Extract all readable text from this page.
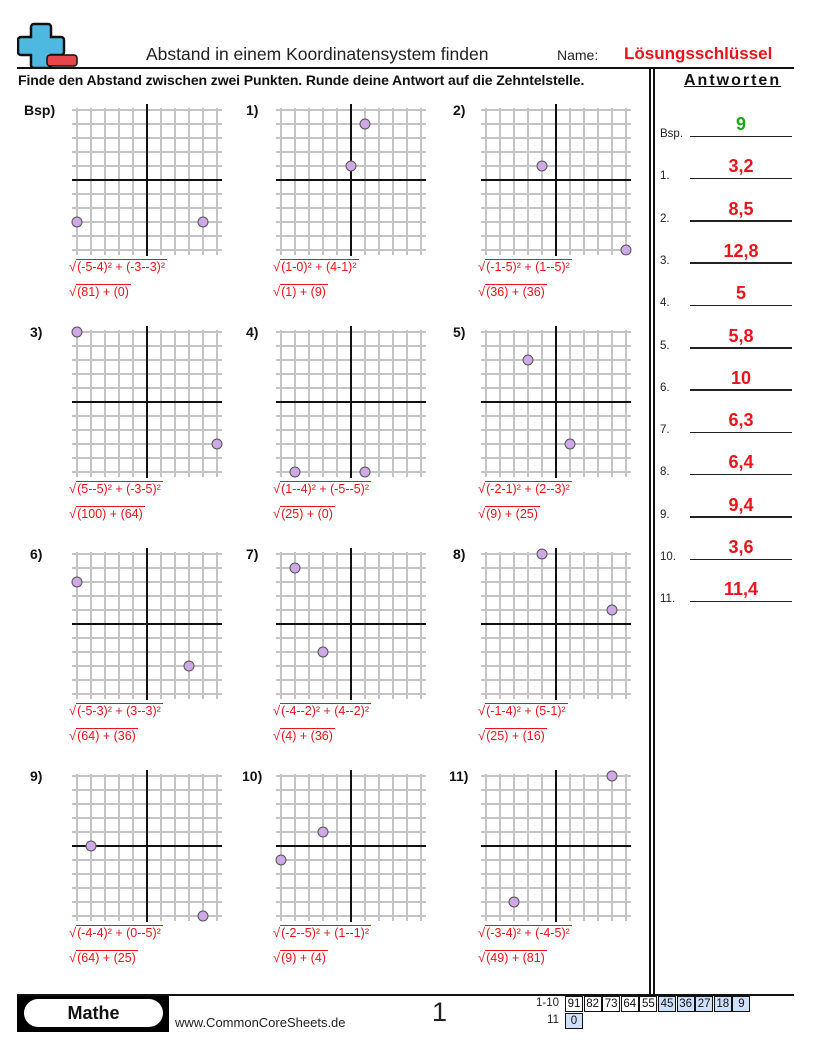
Abstand in einem Koordinatensystem finden	Name: Lösungsschlüssel
Finde den Abstand zwischen zwei Punkten. Runde deine Antwort auf die Zehntelstelle.
Bsp)
√(-5-4)² + (-3--3)²
√(81) + (0)
1)
√(1-0)² + (4-1)²
√(1) + (9)
2)
√(-1-5)² + (1--5)²
√(36) + (36)
3)
√(5--5)² + (-3-5)²
√(100) + (64)
4)
√(1--4)² + (-5--5)²
√(25) + (0)
5)
√(-2-1)² + (2--3)²
√(9) + (25)
6)
√(-5-3)² + (3--3)²
√(64) + (36)
7)
√(-4--2)² + (4--2)²
√(4) + (36)
8)
√(-1-4)² + (5-1)²
√(25) + (16)
9)
√(-4-4)² + (0--5)²
√(64) + (25)
10)
√(-2--5)² + (1--1)²
√(9) + (4)
11)
√(-3-4)² + (-4-5)²
√(49) + (81)
Antworten
Bsp.	9
1.	3,2
2.	8,5
3.	12,8
4.	5
5.	5,8
6.	10
7.	6,3
8.	6,4
9.	9,4
10.	3,6
11.	11,4
Mathe	www.CommonCoreSheets.de	1	1-10 91 82 73 64 55 45 36 27 18 9
11	0
